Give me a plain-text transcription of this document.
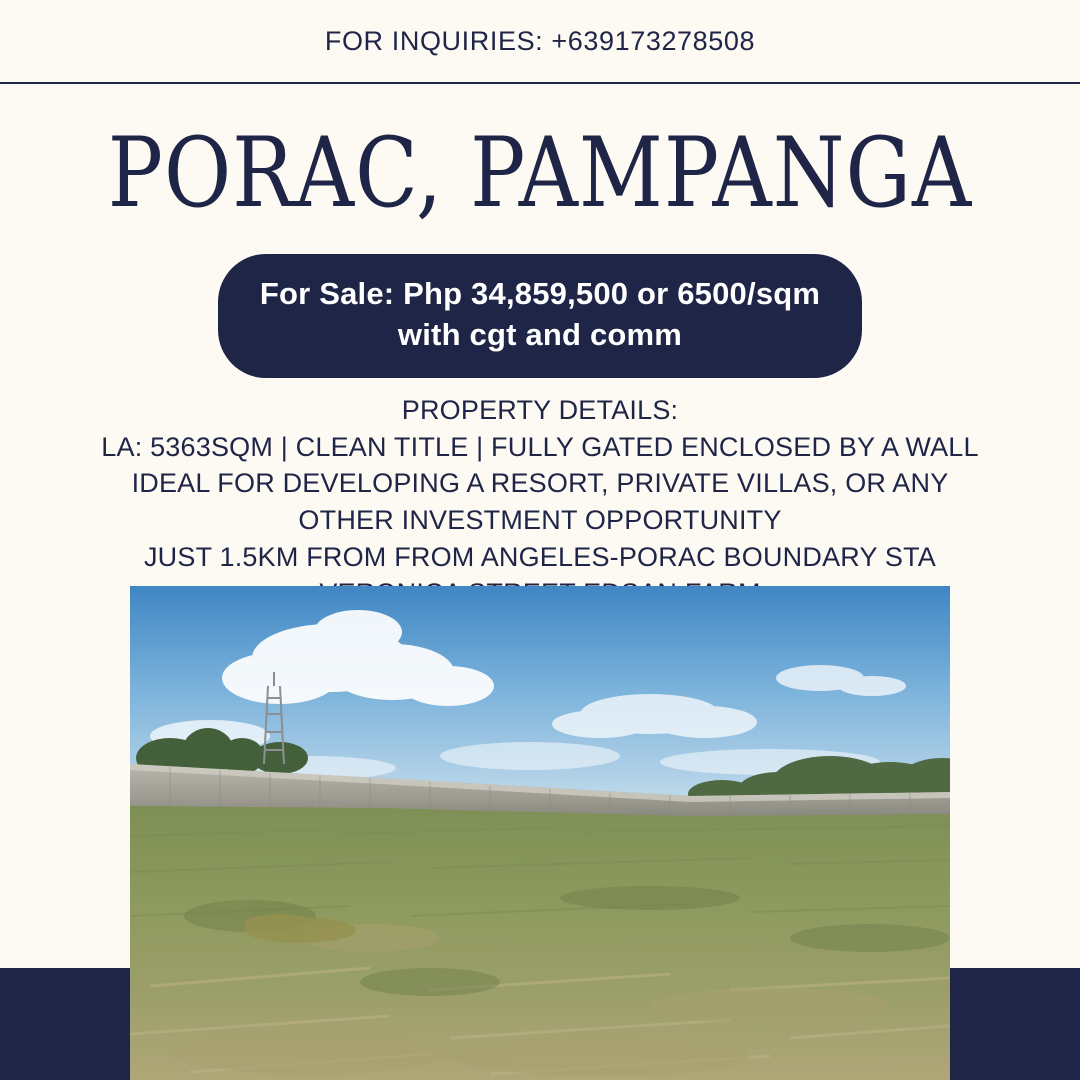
FOR INQUIRIES: +639173278508
PORAC, PAMPANGA
For Sale: Php 34,859,500 or 6500/sqm
with cgt and comm
PROPERTY DETAILS:
LA: 5363SQM | CLEAN TITLE | FULLY GATED ENCLOSED BY A WALL
IDEAL FOR DEVELOPING A RESORT, PRIVATE VILLAS, OR ANY
OTHER INVESTMENT OPPORTUNITY
JUST 1.5KM FROM FROM ANGELES-PORAC BOUNDARY STA
